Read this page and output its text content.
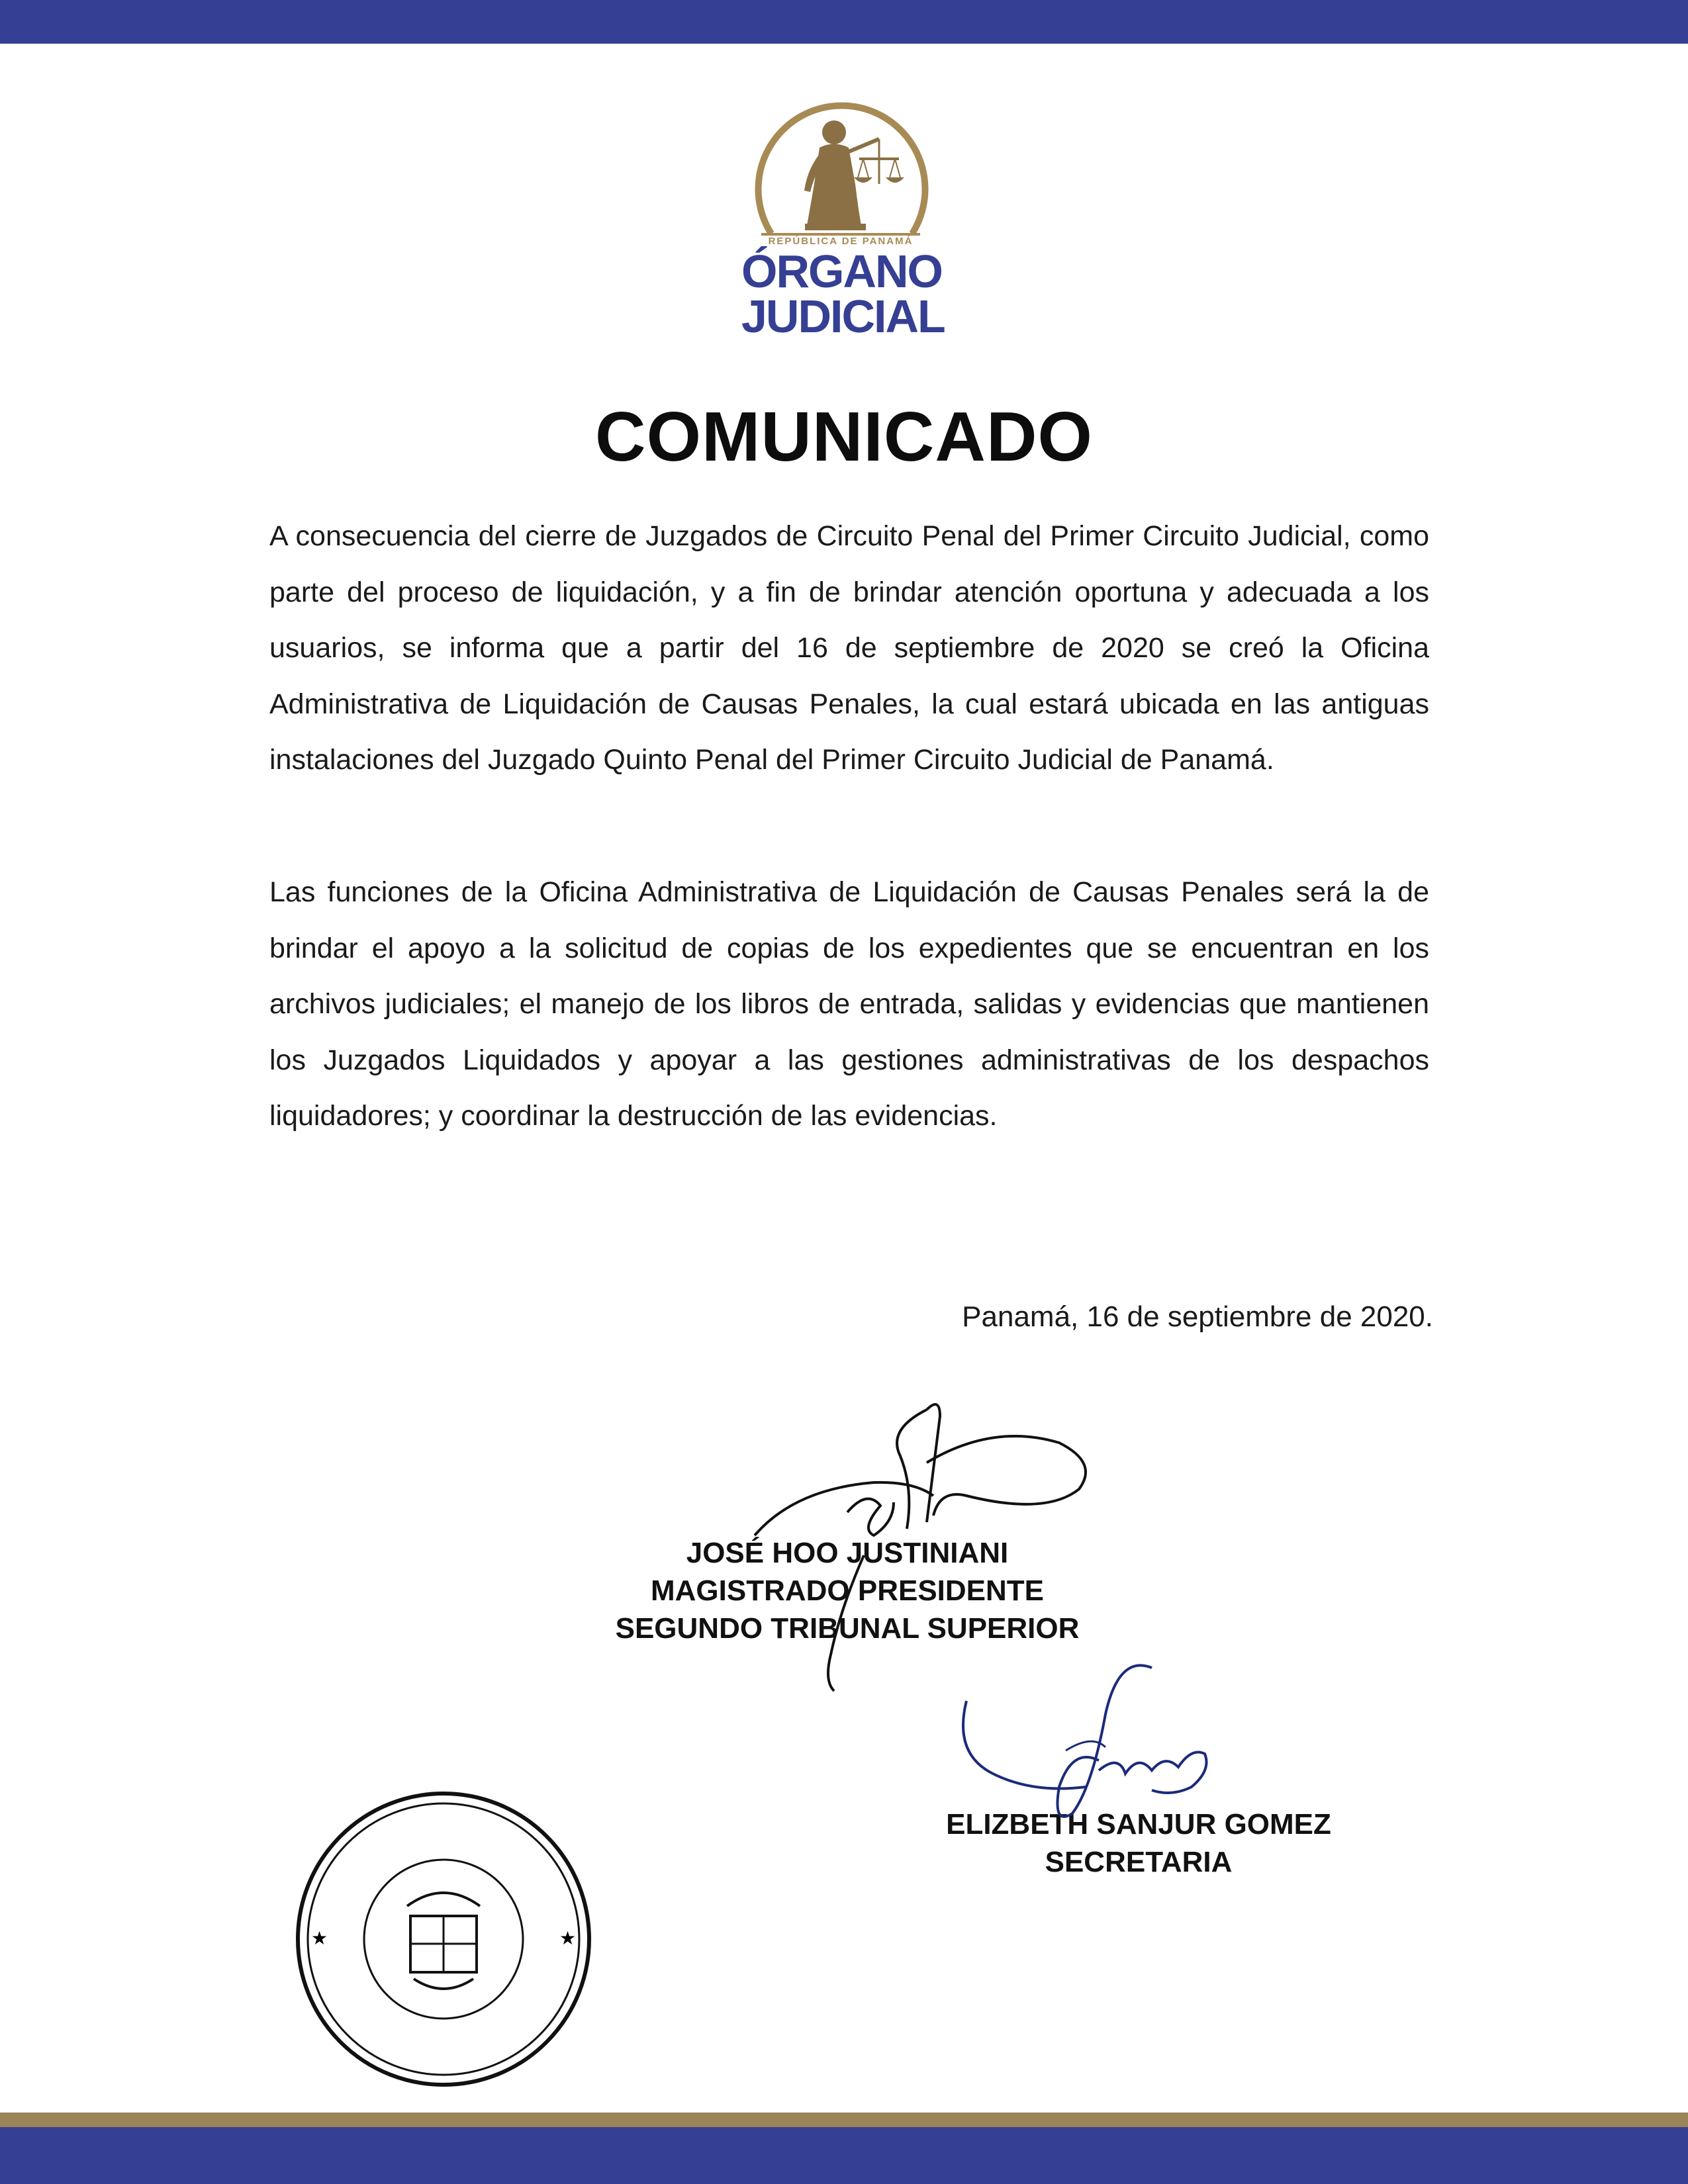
REPÚBLICA DE PANAMÁ
ÓRGANO
JUDICIAL
COMUNICADO
A consecuencia del cierre de Juzgados de Circuito Penal del Primer Circuito Judicial, como parte del proceso de liquidación, y a fin de brindar atención oportuna y adecuada a los usuarios, se informa que a partir del 16 de septiembre de 2020 se creó la Oficina Administrativa de Liquidación de Causas Penales, la cual estará ubicada en las antiguas instalaciones del Juzgado Quinto Penal del Primer Circuito Judicial de Panamá.
Las funciones de la Oficina Administrativa de Liquidación de Causas Penales será la de brindar el apoyo a la solicitud de copias de los expedientes que se encuentran en los archivos judiciales; el manejo de los libros de entrada, salidas y evidencias que mantienen los Juzgados Liquidados y apoyar a las gestiones administrativas de los despachos liquidadores; y coordinar la destrucción de las evidencias.
Panamá, 16 de septiembre de 2020.
JOSÉ HOO JUSTINIANI
MAGISTRADO PRESIDENTE
SEGUNDO TRIBUNAL SUPERIOR
ELIZBETH SANJUR GOMEZ
SECRETARIA
★	★
